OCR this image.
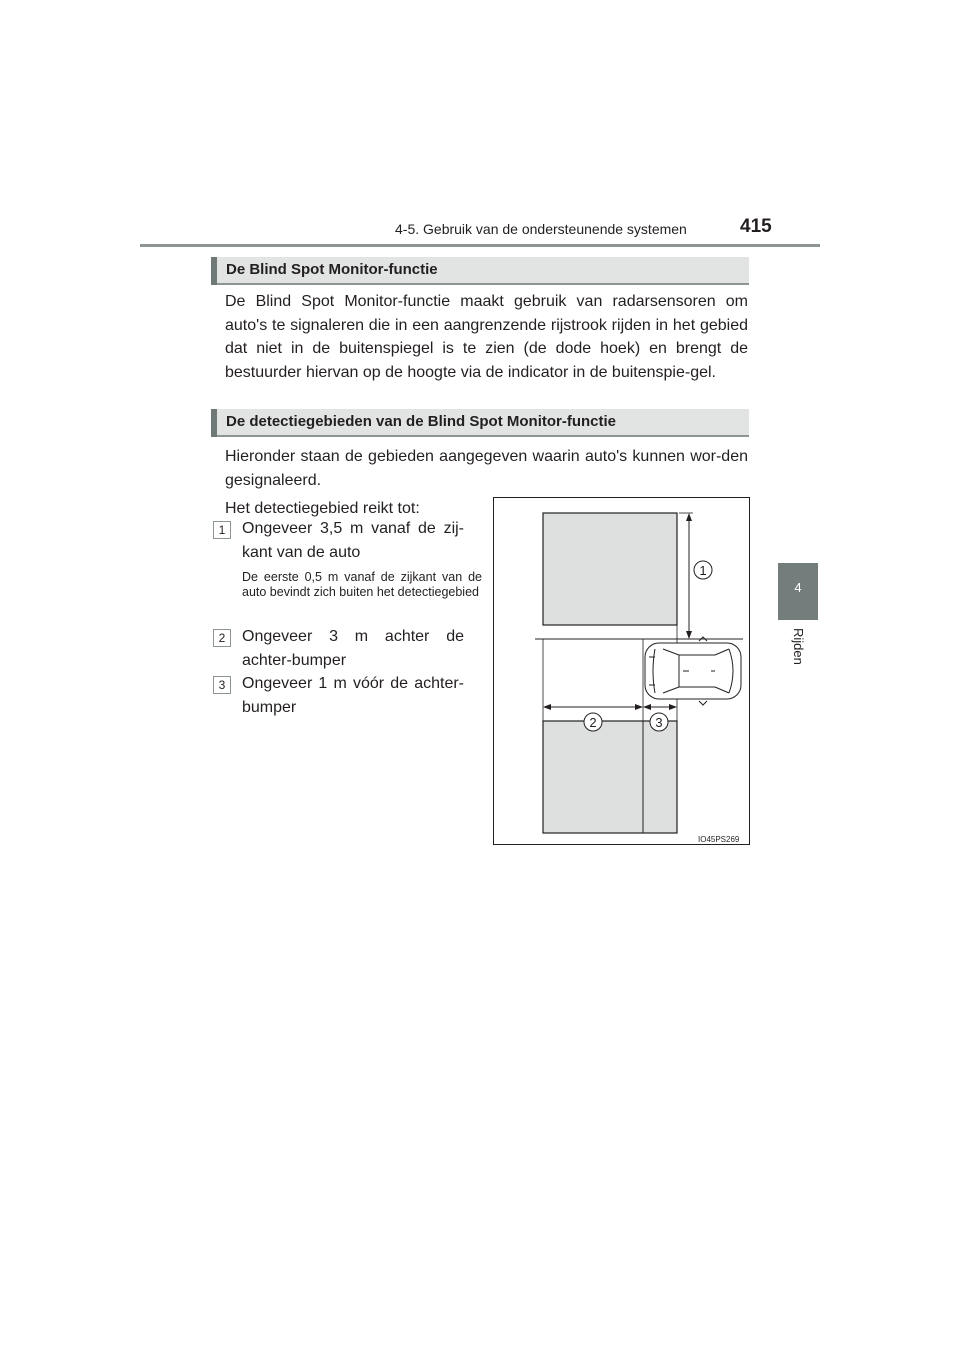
4-5. Gebruik van de ondersteunende systemen	415
4
Rijden
De Blind Spot Monitor-functie
De Blind Spot Monitor-functie maakt gebruik van radarsensoren om auto's te signaleren die in een aangrenzende rijstrook rijden in het gebied dat niet in de buitenspiegel is te zien (de dode hoek) en brengt de bestuurder hiervan op de hoogte via de indicator in de buitenspie-gel.
De detectiegebieden van de Blind Spot Monitor-functie
Hieronder staan de gebieden aangegeven waarin auto's kunnen wor-den gesignaleerd.
Het detectiegebied reikt tot:
1	Ongeveer 3,5 m vanaf de zij-kant van de auto
De eerste 0,5 m vanaf de zijkant van de auto bevindt zich buiten het detectiegebied
2	Ongeveer 3 m achter de achter-bumper
3	Ongeveer 1 m vóór de achter-bumper
1
2	3
IO45PS269
